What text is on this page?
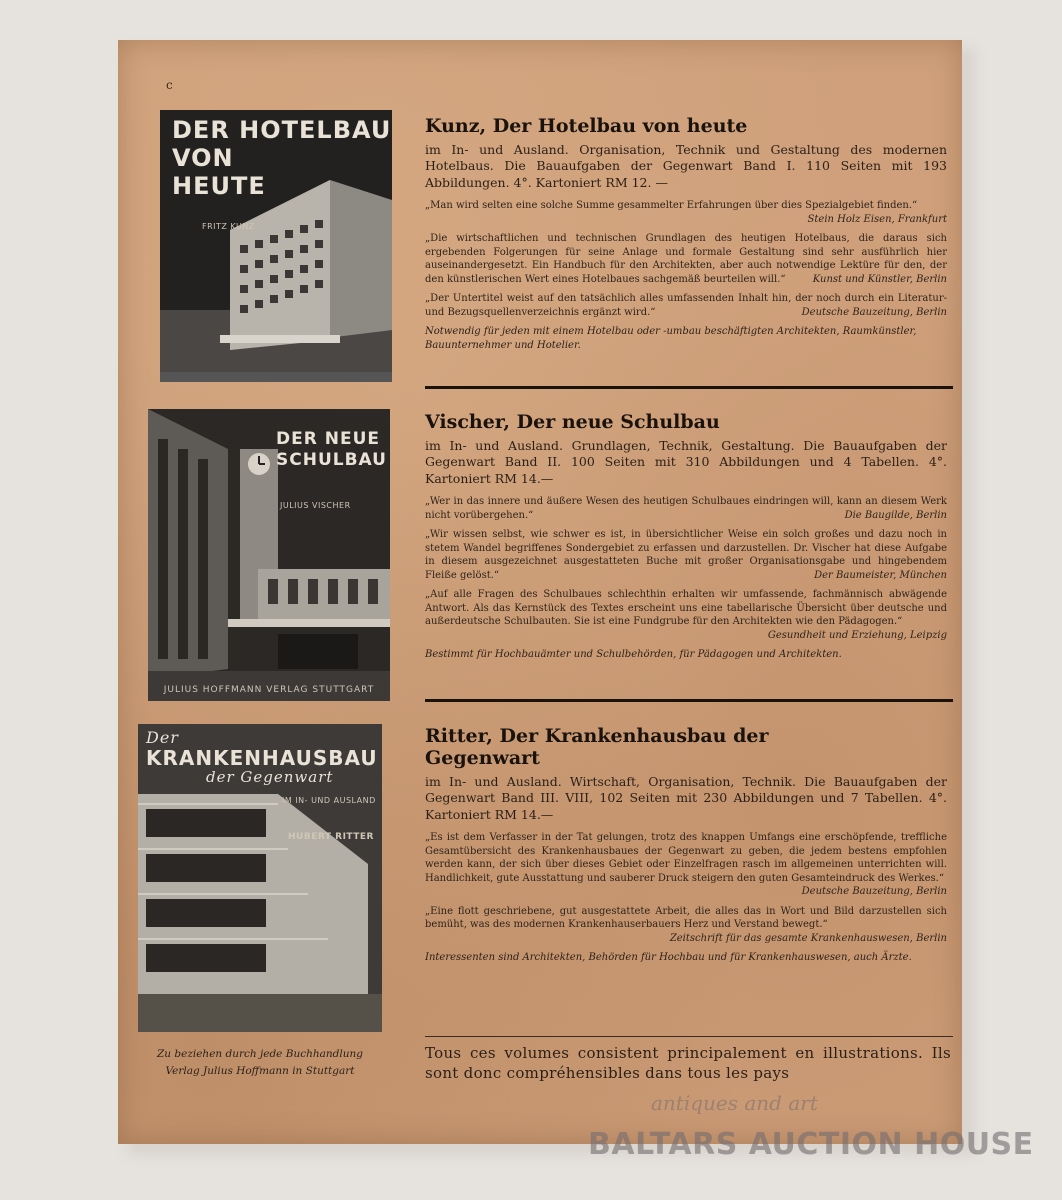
c
DER HOTELBAU
VON
HEUTE
FRITZ KUNZ
DER NEUE
SCHULBAU
JULIUS VISCHER
JULIUS HOFFMANN VERLAG STUTTGART
Der
KRANKENHAUSBAU
der Gegenwart
IM IN- UND AUSLAND
HUBERT RITTER
Kunz, Der Hotelbau von heute
im In- und Ausland. Organisation, Technik und Gestaltung des modernen Hotelbaus. Die Bauaufgaben der Gegenwart Band I. 110 Seiten mit 193 Abbildungen. 4°. Kartoniert RM 12. —
„Man wird selten eine solche Summe gesammelter Erfahrungen über dies Spezialgebiet finden.“
Stein Holz Eisen, Frankfurt
„Die wirtschaftlichen und technischen Grundlagen des heutigen Hotelbaus, die daraus sich ergebenden Folgerungen für seine Anlage und formale Gestaltung sind sehr ausführlich hier auseinandergesetzt. Ein Handbuch für den Architekten, aber auch notwendige Lektüre für den, der den künstlerischen Wert eines Hotelbaues sachgemäß beurteilen will.“	Kunst und Künstler, Berlin
„Der Untertitel weist auf den tatsächlich alles umfassenden Inhalt hin, der noch durch ein Literatur- und Bezugsquellenverzeichnis ergänzt wird.“	Deutsche Bauzeitung, Berlin
Notwendig für jeden mit einem Hotelbau oder -umbau beschäftigten Architekten, Raumkünstler, Bauunternehmer und Hotelier.
Vischer, Der neue Schulbau
im In- und Ausland. Grundlagen, Technik, Gestaltung. Die Bauaufgaben der Gegenwart Band II. 100 Seiten mit 310 Abbildungen und 4 Tabellen. 4°. Kartoniert RM 14.—
„Wer in das innere und äußere Wesen des heutigen Schulbaues eindringen will, kann an diesem Werk nicht vorübergehen.“	Die Baugilde, Berlin
„Wir wissen selbst, wie schwer es ist, in übersichtlicher Weise ein solch großes und dazu noch in stetem Wandel begriffenes Sondergebiet zu erfassen und darzustellen. Dr. Vischer hat diese Aufgabe in diesem ausgezeichnet ausgestatteten Buche mit großer Organisationsgabe und hingebendem Fleiße gelöst.“	Der Baumeister, München
„Auf alle Fragen des Schulbaues schlechthin erhalten wir umfassende, fachmännisch abwägende Antwort. Als das Kernstück des Textes erscheint uns eine tabellarische Übersicht über deutsche und außerdeutsche Schulbauten. Sie ist eine Fundgrube für den Architekten wie den Pädagogen.“
Gesundheit und Erziehung, Leipzig
Bestimmt für Hochbauämter und Schulbehörden, für Pädagogen und Architekten.
Ritter, Der Krankenhausbau der Gegenwart
im In- und Ausland. Wirtschaft, Organisation, Technik. Die Bauaufgaben der Gegenwart Band III. VIII, 102 Seiten mit 230 Abbildungen und 7 Tabellen. 4°. Kartoniert RM 14.—
„Es ist dem Verfasser in der Tat gelungen, trotz des knappen Umfangs eine erschöpfende, treffliche Gesamtübersicht des Krankenhausbaues der Gegenwart zu geben, die jedem bestens empfohlen werden kann, der sich über dieses Gebiet oder Einzelfragen rasch im allgemeinen unterrichten will. Handlichkeit, gute Ausstattung und sauberer Druck steigern den guten Gesamteindruck des Werkes.“
Deutsche Bauzeitung, Berlin
„Eine flott geschriebene, gut ausgestattete Arbeit, die alles das in Wort und Bild darzustellen sich bemüht, was des modernen Krankenhauserbauers Herz und Verstand bewegt.“
Zeitschrift für das gesamte Krankenhauswesen, Berlin
Interessenten sind Architekten, Behörden für Hochbau und für Krankenhauswesen, auch Ärzte.
Zu beziehen durch jede Buchhandlung
Verlag Julius Hoffmann in Stuttgart
Tous ces volumes consistent principalement en illustrations. Ils sont donc compréhensibles dans tous les pays
antiques and art
BALTARS AUCTION HOUSE
